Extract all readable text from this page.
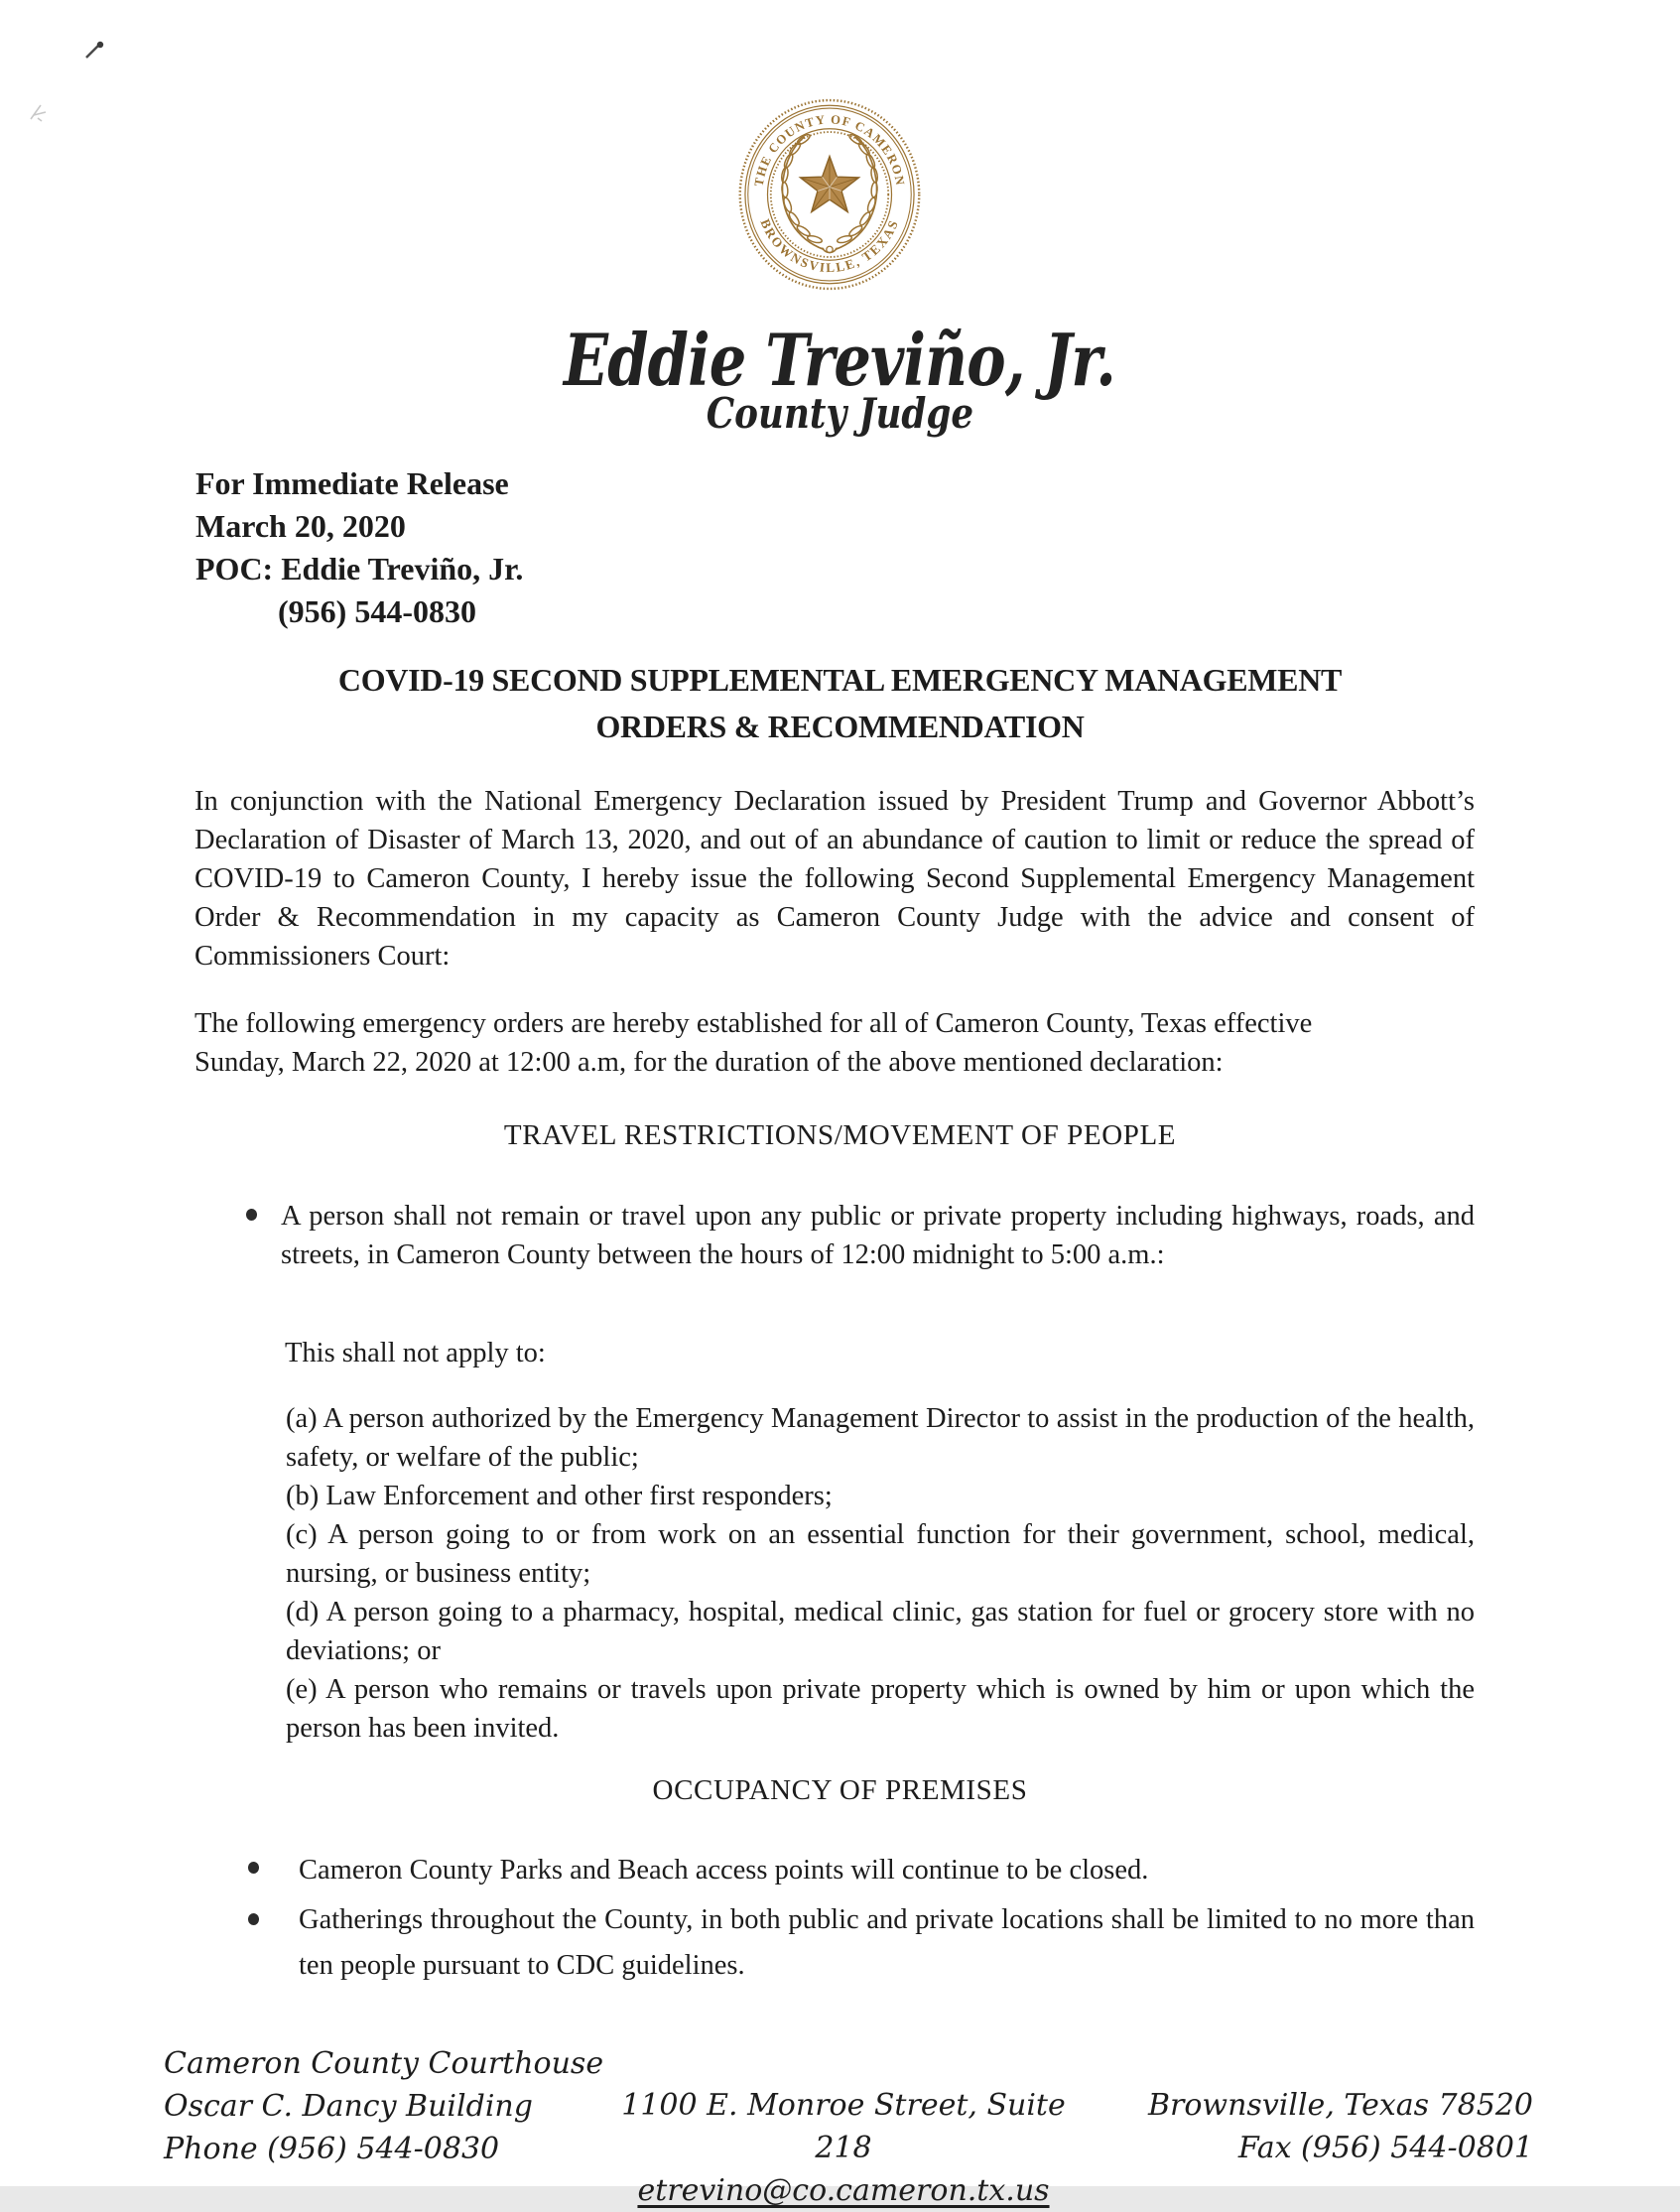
THE COUNTY OF CAMERON
BROWNSVILLE, TEXAS
Eddie Treviño, Jr.
County Judge
For Immediate Release
March 20, 2020
POC: Eddie Treviño, Jr.
(956) 544-0830
COVID-19 SECOND SUPPLEMENTAL EMERGENCY MANAGEMENT
ORDERS & RECOMMENDATION
In conjunction with the National Emergency Declaration issued by President Trump and Governor Abbott’s Declaration of Disaster of March 13, 2020, and out of an abundance of caution to limit or reduce the spread of COVID-19 to Cameron County, I hereby issue the following Second Supplemental Emergency Management Order & Recommendation in my capacity as Cameron County Judge with the advice and consent of Commissioners Court:
The following emergency orders are hereby established for all of Cameron County, Texas effective
Sunday, March 22, 2020 at 12:00 a.m, for the duration of the above mentioned declaration:
TRAVEL RESTRICTIONS/MOVEMENT OF PEOPLE
A person shall not remain or travel upon any public or private property including highways, roads, and streets, in Cameron County between the hours of 12:00 midnight to 5:00 a.m.:
This shall not apply to:

(a) A person authorized by the Emergency Management Director to assist in the production of the health, safety, or welfare of the public;

(b) Law Enforcement and other first responders;

(c) A person going to or from work on an essential function for their government, school, medical, nursing, or business entity;

(d) A person going to a pharmacy, hospital, medical clinic, gas station for fuel or grocery store with no deviations; or

(e) A person who remains or travels upon private property which is owned by him or upon which the person has been invited.

OCCUPANCY OF PREMISES
Cameron County Parks and Beach access points will continue to be closed.
Gatherings throughout the County, in both public and private locations shall be limited to no more than ten people pursuant to CDC guidelines.
Cameron County Courthouse
Oscar C. Dancy Building
Phone (956) 544-0830
1100 E. Monroe Street, Suite 218
etrevino@co.cameron.tx.us
Brownsville, Texas 78520
Fax (956) 544-0801
